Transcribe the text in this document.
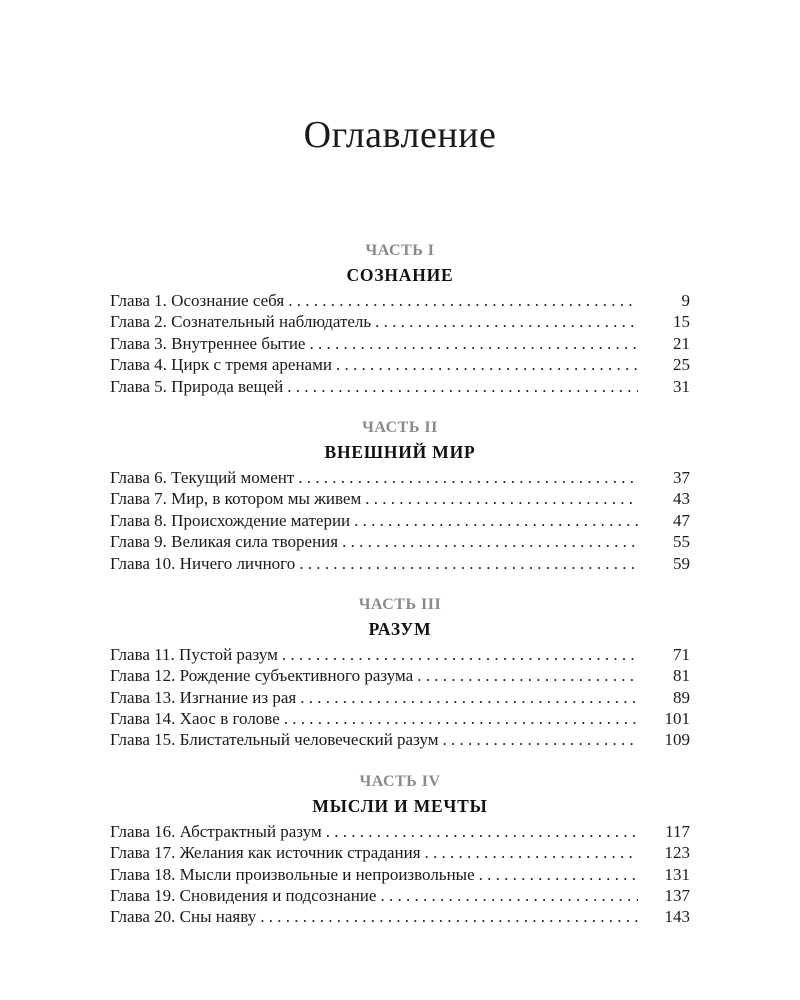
Оглавление
ЧАСТЬ I
СОЗНАНИЕ
Глава 1. Осознание себя . . .	9
Глава 2. Сознательный наблюдатель . . .	15
Глава 3. Внутреннее бытие . . .	21
Глава 4. Цирк с тремя аренами . . .	25
Глава 5. Природа вещей . . .	31
ЧАСТЬ II
ВНЕШНИЙ МИР
Глава 6. Текущий момент . . .	37
Глава 7. Мир, в котором мы живем . . .	43
Глава 8. Происхождение материи . . .	47
Глава 9. Великая сила творения . . .	55
Глава 10. Ничего личного . . .	59
ЧАСТЬ III
РАЗУМ
Глава 11. Пустой разум . . .	71
Глава 12. Рождение субъективного разума . . .	81
Глава 13. Изгнание из рая . . .	89
Глава 14. Хаос в голове . . .	101
Глава 15. Блистательный человеческий разум . . .	109
ЧАСТЬ IV
МЫСЛИ И МЕЧТЫ
Глава 16. Абстрактный разум . . .	117
Глава 17. Желания как источник страдания . . .	123
Глава 18. Мысли произвольные и непроизвольные . . .	131
Глава 19. Сновидения и подсознание . . .	137
Глава 20. Сны наяву . . .	143
